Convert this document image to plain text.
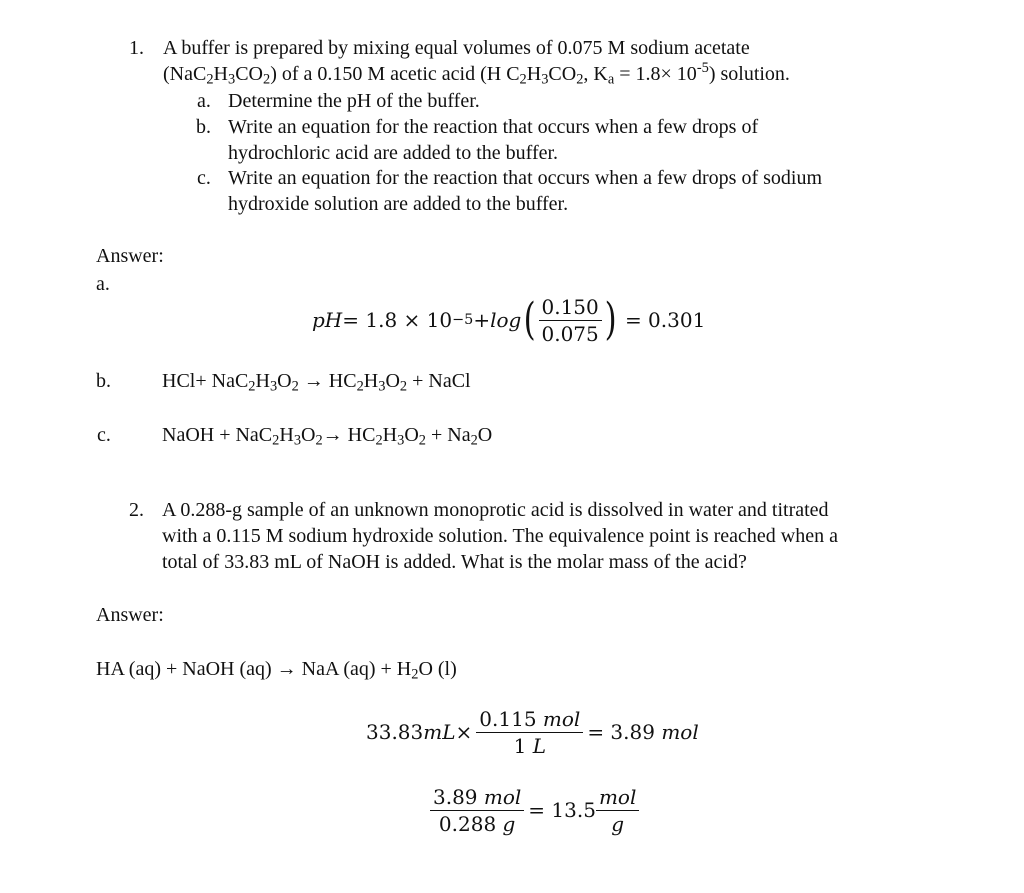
1. A buffer is prepared by mixing equal volumes of 0.075 M sodium acetate
$(NaC_2H_3CO_2)$ of a 0.150 M acetic acid (H $C_2H_3CO_2$, $K_a = 1.8\times 10^{-5}$) solution.
a. Determine the pH of the buffer.
b. Write an equation for the reaction that occurs when a few drops of
hydrochloric acid are added to the buffer.
c. Write an equation for the reaction that occurs when a few drops of sodium
hydroxide solution are added to the buffer.
Answer:
a.
pH = 1.8 × 10 −5 + log ( $\frac{0.150}{0.075}$ ) = 0.301
b.	$HCl+ NaC_2H_3O_2 \to HC_2H_3O_2$ + NaCl
c.	NaOH + $NaC_2H_3O_2\to HC_2H_3O_2 + Na_2O$
2. A 0.288-g sample of an unknown monoprotic acid is dissolved in water and titrated
with a 0.115 M sodium hydroxide solution. The equivalence point is reached when a
total of 33.83 mL of NaOH is added. What is the molar mass of the acid?
Answer:
HA (aq) + NaOH (aq) → NaA $(aq) + H_2O$ (l)
33.83 mL × $\frac{\text{0.115 mol}}{1 L} = 3.89$ mol
$\frac{\text{3.89 mol}}{0.288 g} = 13.5 \frac{\text{mol}}{g}$
